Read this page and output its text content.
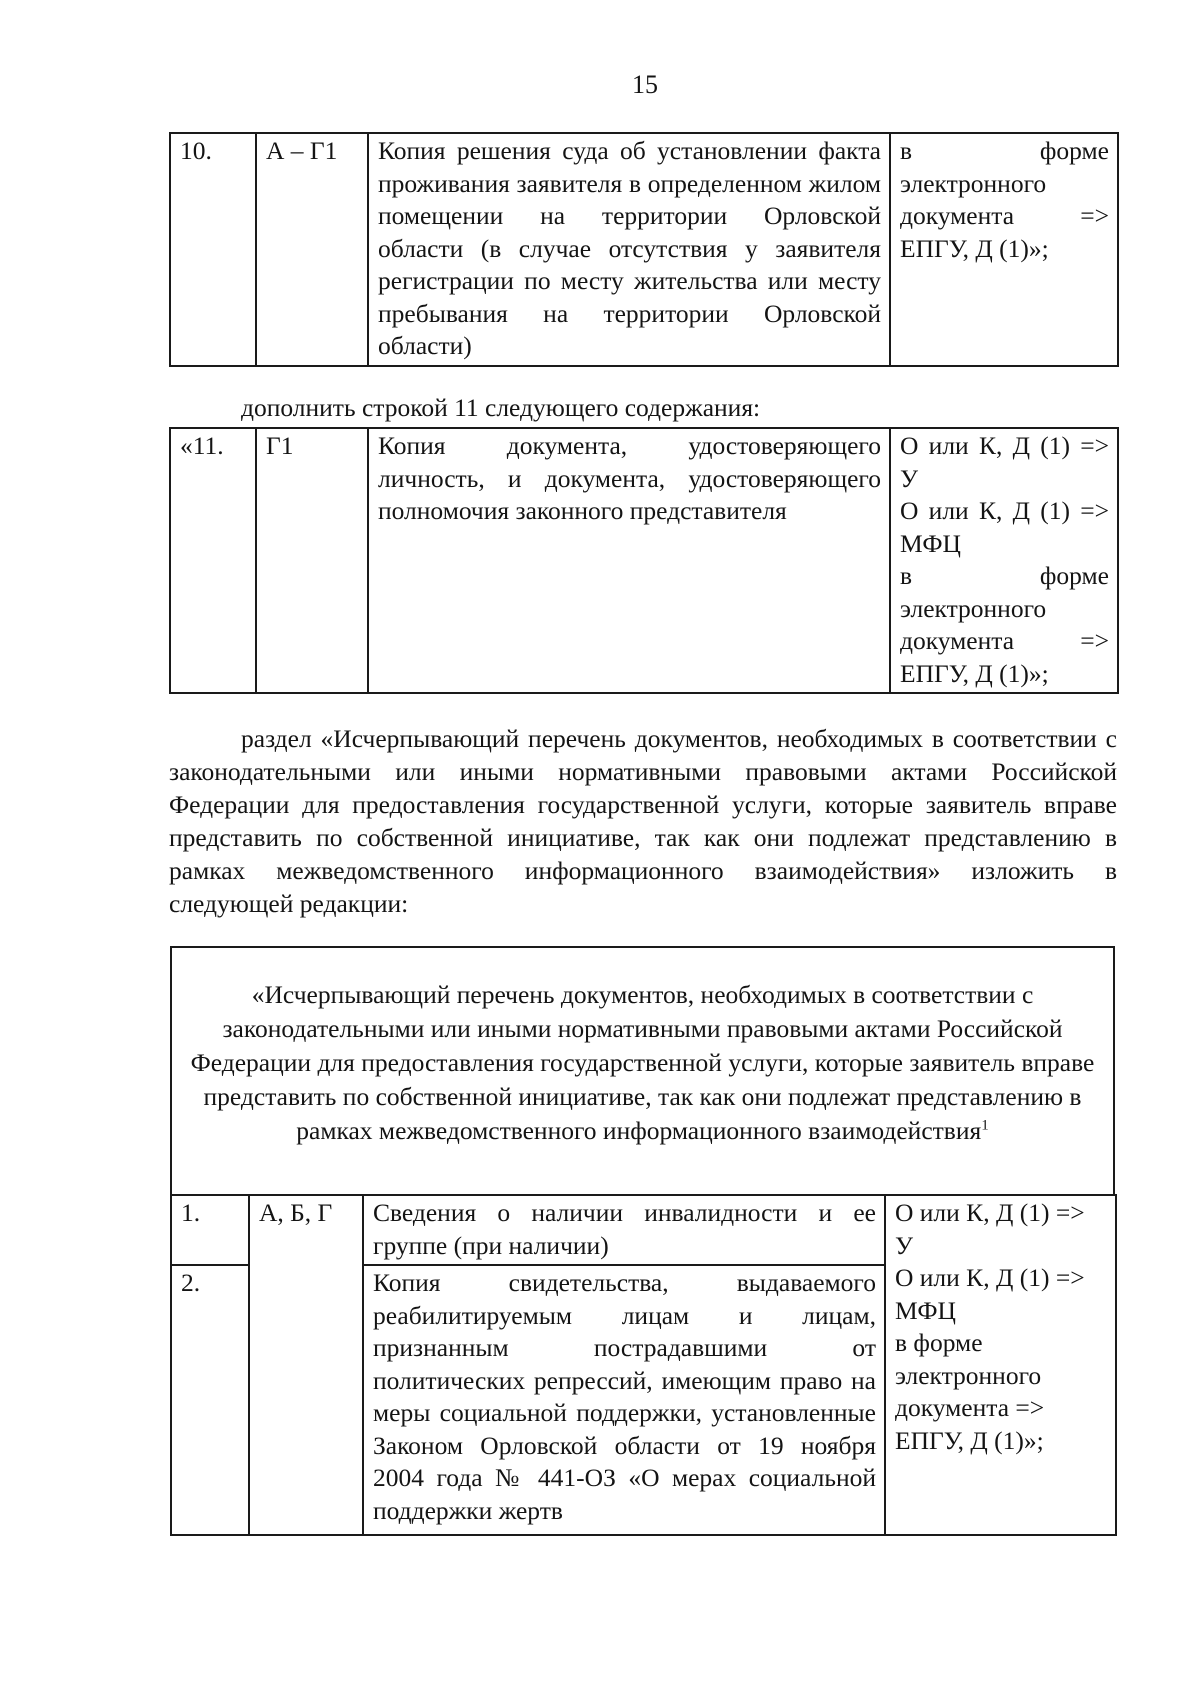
15
10.	А – Г1	Копия решения суда об установлении факта проживания заявителя в определенном жилом помещении на территории Орловской области (в случае отсутствия у заявителя регистрации по месту жительства или месту пребывания на территории Орловской области)	в форме электронного документа => ЕПГУ, Д (1)»;
дополнить строкой 11 следующего содержания:
«11.	Г1	Копия документа, удостоверяющего личность, и документа, удостоверяющего полномочия законного представителя	
О или К, Д (1) => У
О или К, Д (1) => МФЦ
в форме электронного документа => ЕПГУ, Д (1)»;
раздел «Исчерпывающий перечень документов, необходимых в соответствии с законодательными или иными нормативными правовыми актами Российской Федерации для предоставления государственной услуги, которые заявитель вправе представить по собственной инициативе, так как они подлежат представлению в рамках межведомственного информационного взаимодействия» изложить в следующей редакции:
«Исчерпывающий перечень документов, необходимых в соответствии с законодательными или иными нормативными правовыми актами Российской Федерации для предоставления государственной услуги, которые заявитель вправе представить по собственной инициативе, так как они подлежат представлению в рамках межведомственного информационного взаимодействия$^1$
1.	А, Б, Г	Сведения о наличии инвалидности и ее группе (при наличии)	О или К, Д (1) => У
О или К, Д (1) => МФЦ
в форме электронного документа => ЕПГУ, Д (1)»;

2.		Копия свидетельства, выдаваемого реабилитируемым лицам и лицам, признанным пострадавшими от политических репрессий, имеющим право на меры социальной поддержки, установленные Законом Орловской области от 19 ноября 2004 года № 441-ОЗ «О мерах социальной поддержки жертв	
